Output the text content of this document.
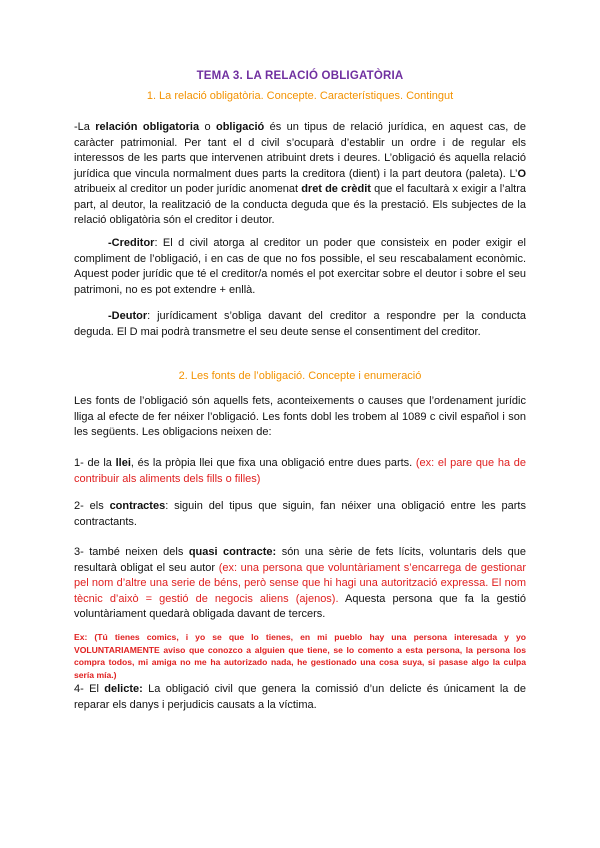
TEMA 3. LA RELACIÓ OBLIGATÒRIA
1. La relació obligatòria. Concepte. Característiques. Contingut

-La relación obligatoria o obligació és un tipus de relació jurídica, en aquest cas, de caràcter patrimonial. Per tant el d civil s’ocuparà d’establir un ordre i de regular els interessos de les parts que intervenen atribuint drets i deures. L’obligació és aquella relació jurídica que vincula normalment dues parts la creditora (dient) i la part deutora (paleta). L’O atribueix al creditor un poder jurídic anomenat dret de crèdit que el facultarà x exigir a l’altra part, al deutor, la realització de la conducta deguda que és la prestació. Els subjectes de la relació obligatòria són el creditor i deutor.

-Creditor: El d civil atorga al creditor un poder que consisteix en poder exigir el compliment de l’obligació, i en cas de que no fos possible, el seu rescabalament econòmic. Aquest poder jurídic que té el creditor/a només el pot exercitar sobre el deutor i sobre el seu patrimoni, no es pot extendre + enllà.

-Deutor: jurídicament s’obliga davant del creditor a respondre per la conducta deguda. El D mai podrà transmetre el seu deute sense el consentiment del creditor.

2. Les fonts de l’obligació. Concepte i enumeració

Les fonts de l’obligació són aquells fets, aconteixements o causes que l’ordenament jurídic lliga al efecte de fer néixer l’obligació. Les fonts dobl les trobem al 1089 c civil español i son les següents. Les obligacions neixen de:

1- de la llei, és la pròpia llei que fixa una obligació entre dues parts. (ex: el pare que ha de contribuir als aliments dels fills o filles)

2- els contractes: siguin del tipus que siguin, fan néixer una obligació entre les parts contractants.

3- també neixen dels quasi contracte: són una sèrie de fets lícits, voluntaris dels que resultarà obligat el seu autor (ex: una persona que voluntàriament s’encarrega de gestionar pel nom d’altre una serie de béns, però sense que hi hagi una autorització expressa. El nom tècnic d’això = gestió de negocis aliens (ajenos). Aquesta persona que fa la gestió voluntàriament quedarà obligada davant de tercers.

Ex: (Tú tienes comics, i yo se que lo tienes, en mi pueblo hay una persona interesada y yo VOLUNTARIAMENTE aviso que conozco a alguien que tiene, se lo comento a esta persona, la persona los compra todos, mi amiga no me ha autorizado nada, he gestionado una cosa suya, si pasase algo la culpa sería mía.)

4- El delicte: La obligació civil que genera la comissió d’un delicte és únicament la de reparar els danys i perjudicis causats a la víctima.
